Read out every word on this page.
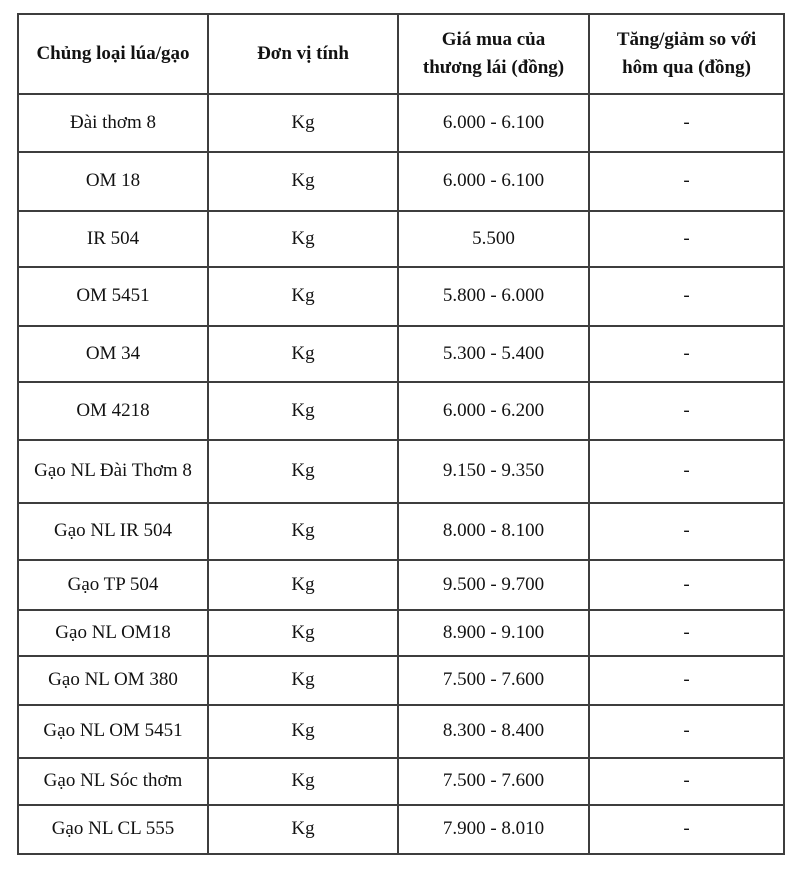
Chủng loại lúa/gạo	Đơn vị tính	Giá mua của thương lái (đồng)	Tăng/giảm so với hôm qua (đồng)

Đài thơm 8	Kg	6.000 - 6.100	-
OM 18	Kg	6.000 - 6.100	-
IR 504	Kg	5.500	-
OM 5451	Kg	5.800 - 6.000	-
OM 34	Kg	5.300 - 5.400	-
OM 4218	Kg	6.000 - 6.200	-
Gạo NL Đài Thơm 8	Kg	9.150 - 9.350	-
Gạo NL IR 504	Kg	8.000 - 8.100	-
Gạo TP 504	Kg	9.500 - 9.700	-
Gạo NL OM18	Kg	8.900 - 9.100	-
Gạo NL OM 380	Kg	7.500 - 7.600	-
Gạo NL OM 5451	Kg	8.300 - 8.400	-
Gạo NL Sóc thơm	Kg	7.500 - 7.600	-
Gạo NL CL 555	Kg	7.900 - 8.010	-
